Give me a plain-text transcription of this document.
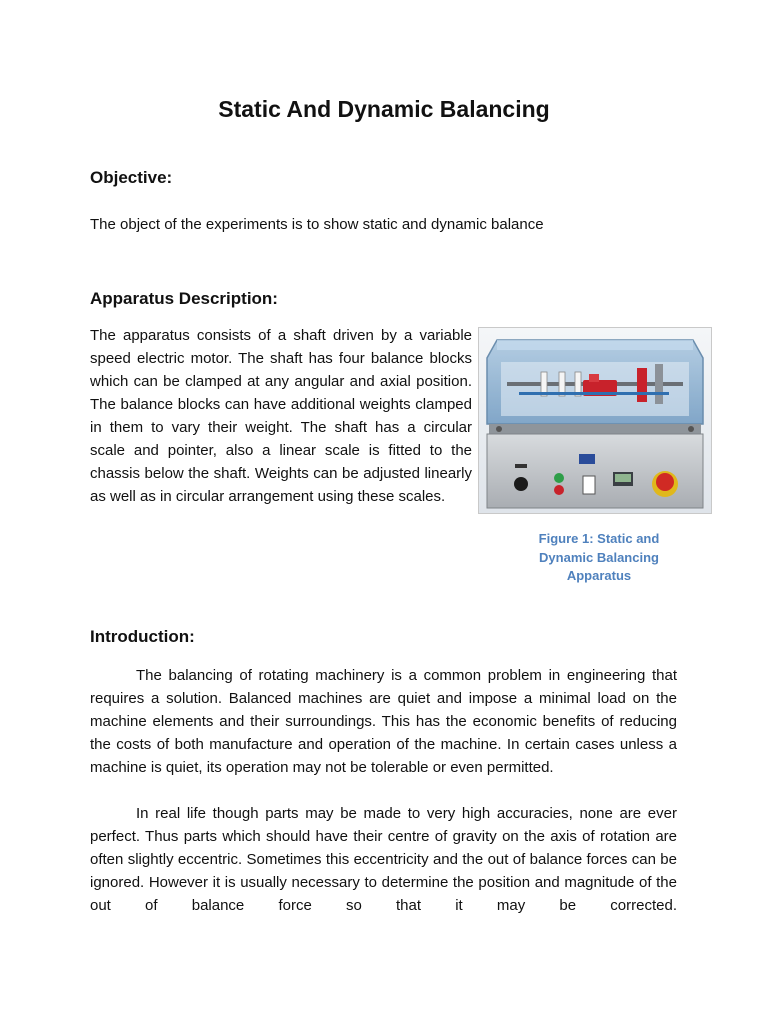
Static And Dynamic Balancing
Objective:
The object of the experiments is to show static and dynamic balance
Apparatus Description:
The apparatus consists of a shaft driven by a variable speed electric motor. The shaft has four balance blocks which can be clamped at any angular and axial position. The balance blocks can have additional weights clamped in them to vary their weight. The shaft has a circular scale and pointer, also a linear scale is fitted to the chassis below the shaft. Weights can be adjusted linearly as well as in circular arrangement using these scales.
Figure 1: Static and Dynamic Balancing Apparatus
Introduction:
The balancing of rotating machinery is a common problem in engineering that requires a solution. Balanced machines are quiet and impose a minimal load on the machine elements and their surroundings. This has the economic benefits of reducing the costs of both manufacture and operation of the machine. In certain cases unless a machine is quiet, its operation may not be tolerable or even permitted.
In real life though parts may be made to very high accuracies, none are ever perfect. Thus parts which should have their centre of gravity on the axis of rotation are often slightly eccentric. Sometimes this eccentricity and the out of balance forces can be ignored. However it is usually necessary to determine the position and magnitude of the out of balance force so that it may be corrected.
